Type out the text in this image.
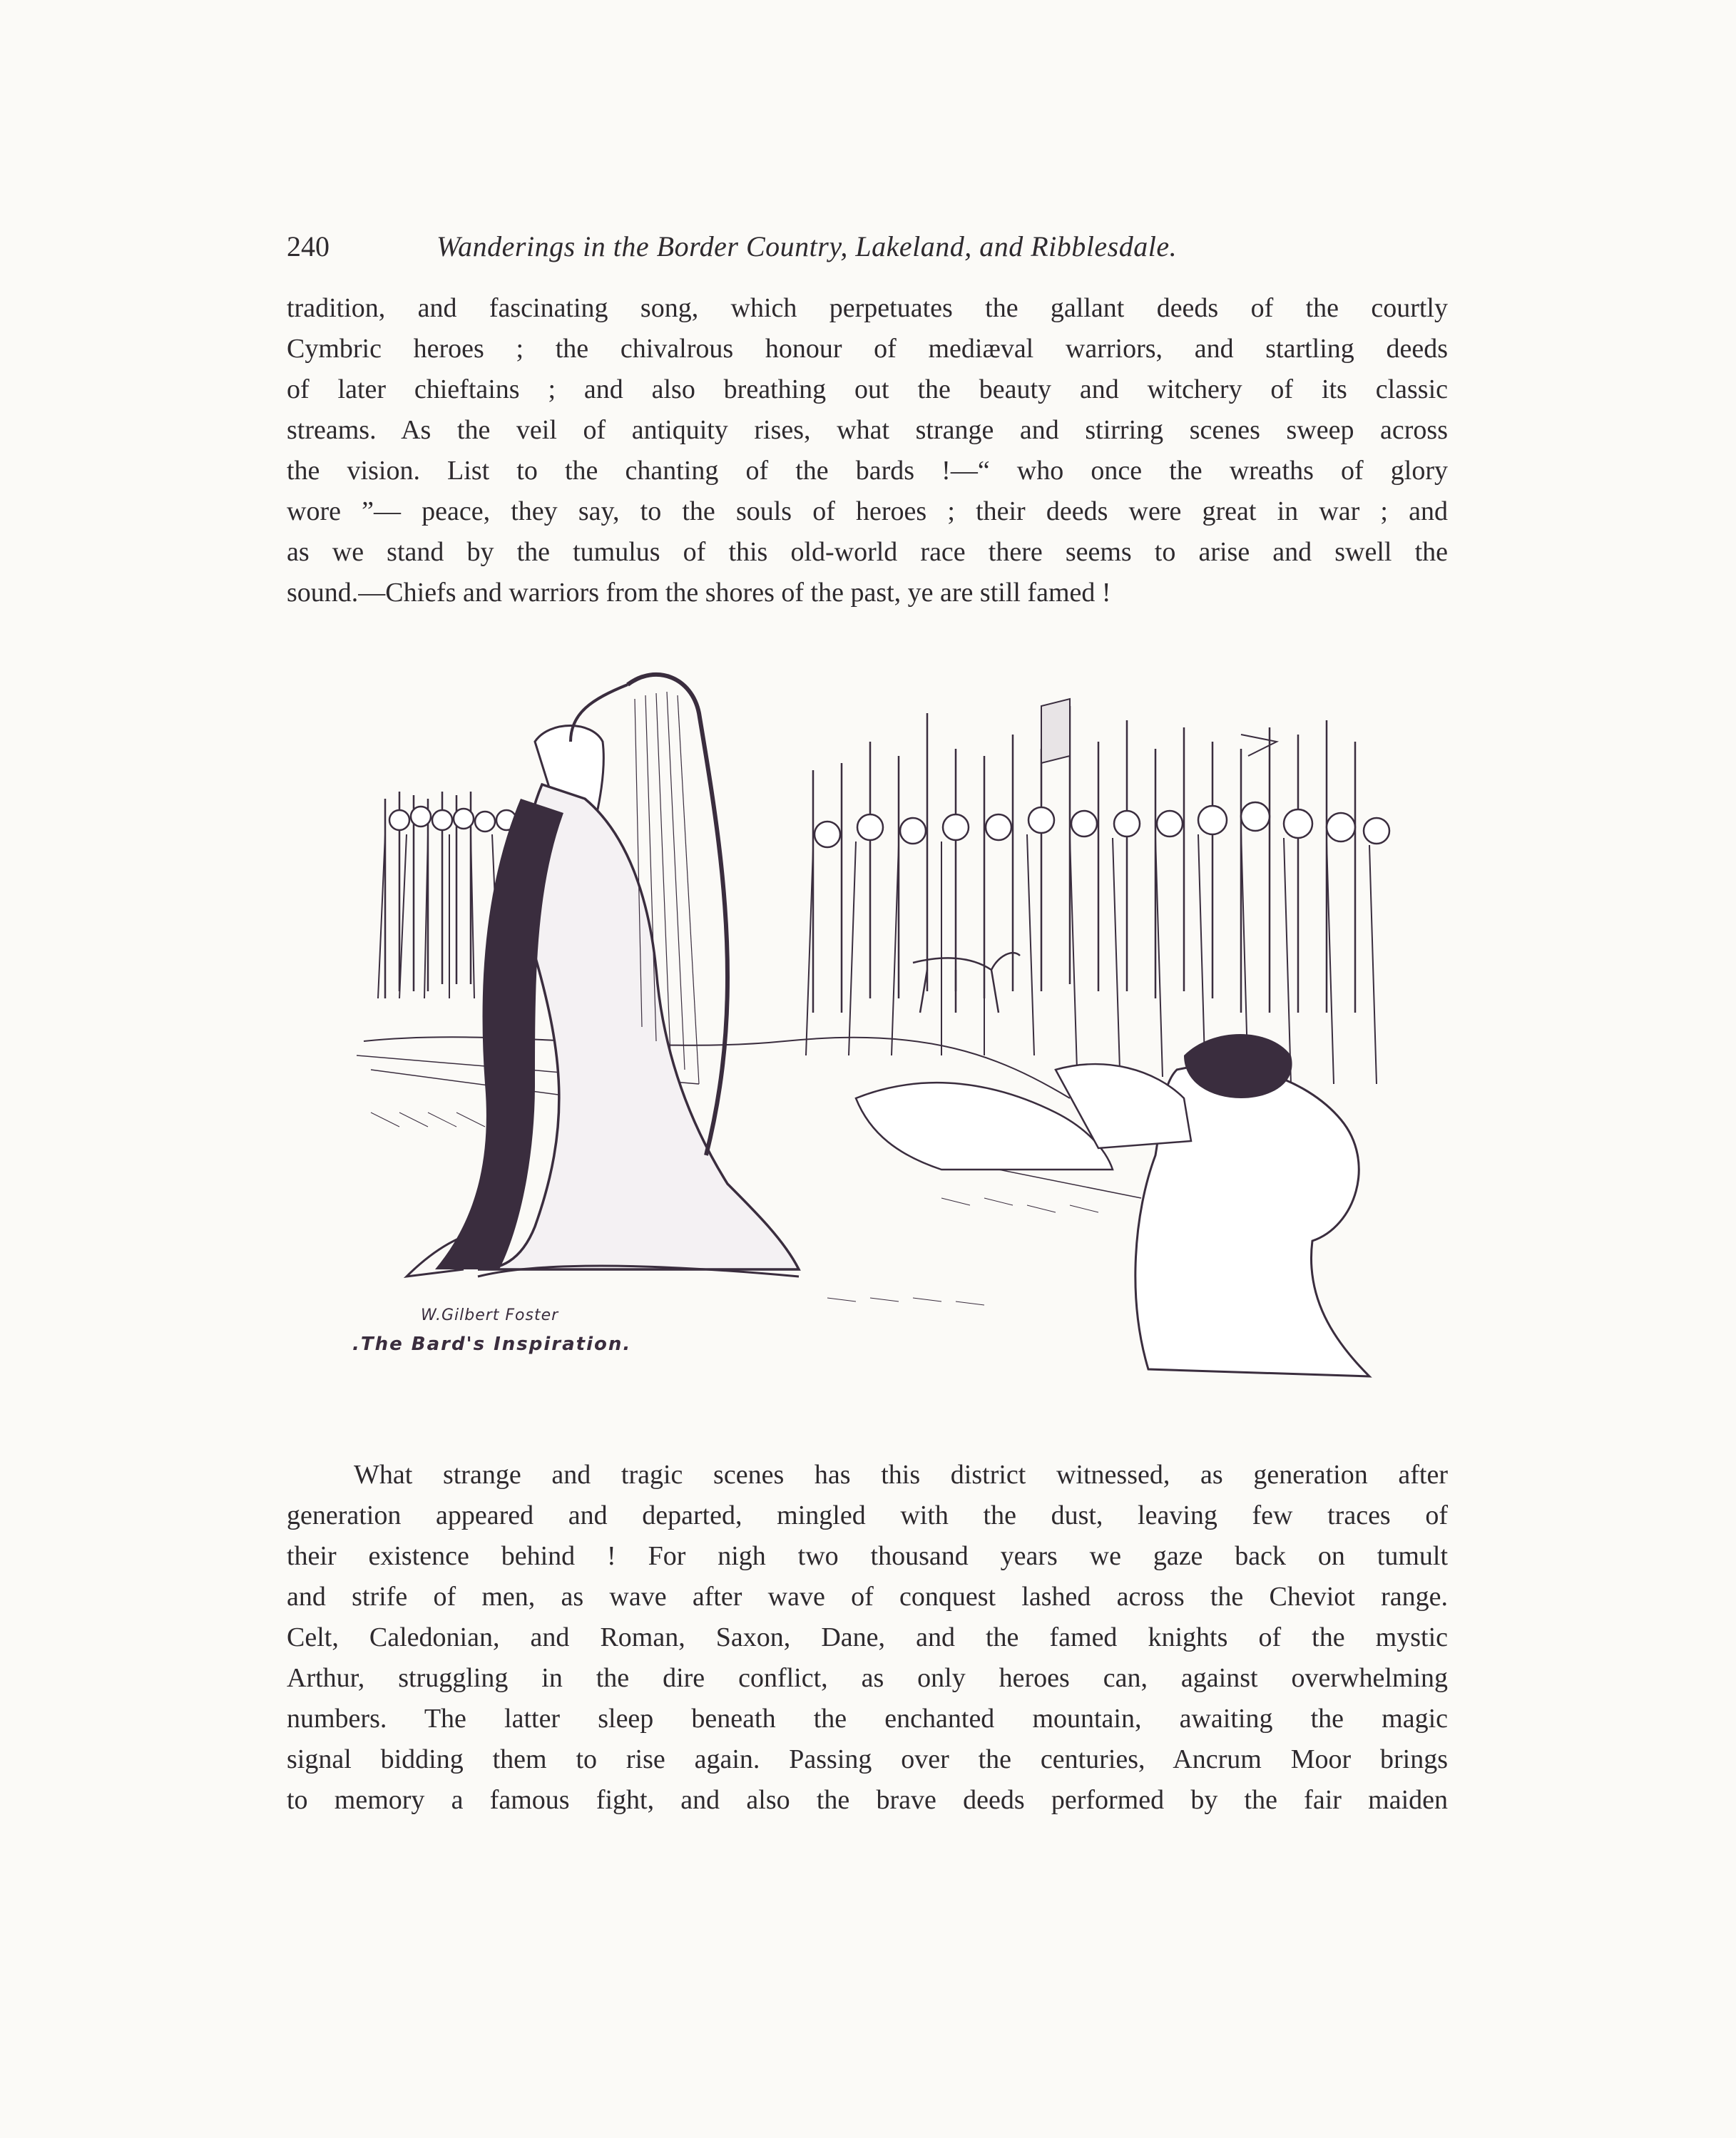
240	Wanderings in the Border Country, Lakeland, and Ribblesdale.
tradition, and fascinating song, which perpetuates the gallant deeds of the courtly
Cymbric heroes ; the chivalrous honour of mediæval warriors, and startling deeds
of later chieftains ; and also breathing out the beauty and witchery of its classic
streams. As the veil of antiquity rises, what strange and stirring scenes sweep across
the vision. List to the chanting of the bards !—“ who once the wreaths of glory
wore ”— peace, they say, to the souls of heroes ; their deeds were great in war ; and
as we stand by the tumulus of this old-world race there seems to arise and swell the
sound.—Chiefs and warriors from the shores of the past, ye are still famed !
W.Gilbert Foster
.The Bard's Inspiration.
What strange and tragic scenes has this district witnessed, as generation after
generation appeared and departed, mingled with the dust, leaving few traces of
their existence behind ! For nigh two thousand years we gaze back on tumult
and strife of men, as wave after wave of conquest lashed across the Cheviot range.
Celt, Caledonian, and Roman, Saxon, Dane, and the famed knights of the mystic
Arthur, struggling in the dire conflict, as only heroes can, against overwhelming
numbers. The latter sleep beneath the enchanted mountain, awaiting the magic
signal bidding them to rise again. Passing over the centuries, Ancrum Moor brings
to memory a famous fight, and also the brave deeds performed by the fair maiden
